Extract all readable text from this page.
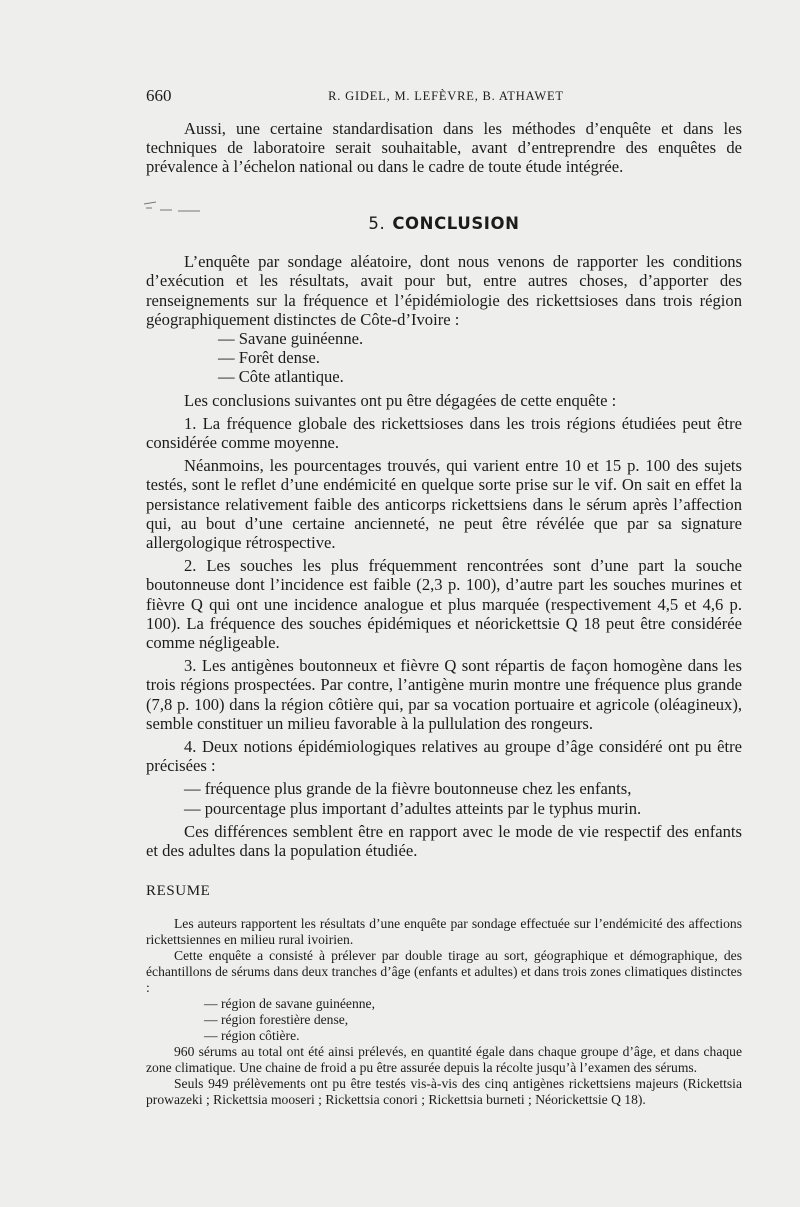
660	R. GIDEL, M. LEFÈVRE, B. ATHAWET

Aussi, une certaine standardisation dans les méthodes d’enquête et dans les techniques de laboratoire serait souhaitable, avant d’entreprendre des enquêtes de prévalence à l’échelon national ou dans le cadre de toute étude intégrée.

5. CONCLUSION

L’enquête par sondage aléatoire, dont nous venons de rapporter les conditions d’exécution et les résultats, avait pour but, entre autres choses, d’apporter des renseignements sur la fréquence et l’épidémiologie des rickettsioses dans trois région géographiquement distinctes de Côte-d’Ivoire :

— Savane guinéenne.
— Forêt dense.
— Côte atlantique.

Les conclusions suivantes ont pu être dégagées de cette enquête :

1. La fréquence globale des rickettsioses dans les trois régions étudiées peut être considérée comme moyenne.

Néanmoins, les pourcentages trouvés, qui varient entre 10 et 15 p. 100 des sujets testés, sont le reflet d’une endémicité en quelque sorte prise sur le vif. On sait en effet la persistance relativement faible des anticorps rickettsiens dans le sérum après l’affection qui, au bout d’une certaine ancienneté, ne peut être révélée que par sa signature allergologique rétrospective.

2. Les souches les plus fréquemment rencontrées sont d’une part la souche boutonneuse dont l’incidence est faible (2,3 p. 100), d’autre part les souches murines et fièvre Q qui ont une incidence analogue et plus marquée (respectivement 4,5 et 4,6 p. 100). La fréquence des souches épidémiques et néorickettsie Q 18 peut être considérée comme négligeable.

3. Les antigènes boutonneux et fièvre Q sont répartis de façon homogène dans les trois régions prospectées. Par contre, l’antigène murin montre une fréquence plus grande (7,8 p. 100) dans la région côtière qui, par sa vocation portuaire et agricole (oléagineux), semble constituer un milieu favorable à la pullulation des rongeurs.

4. Deux notions épidémiologiques relatives au groupe d’âge considéré ont pu être précisées :

— fréquence plus grande de la fièvre boutonneuse chez les enfants,
— pourcentage plus important d’adultes atteints par le typhus murin.

Ces différences semblent être en rapport avec le mode de vie respectif des enfants et des adultes dans la population étudiée.

RESUME

Les auteurs rapportent les résultats d’une enquête par sondage effectuée sur l’endémicité des affections rickettsiennes en milieu rural ivoirien.

Cette enquête a consisté à prélever par double tirage au sort, géographique et démographique, des échantillons de sérums dans deux tranches d’âge (enfants et adultes) et dans trois zones climatiques distinctes :

— région de savane guinéenne,
— région forestière dense,
— région côtière.

960 sérums au total ont été ainsi prélevés, en quantité égale dans chaque groupe d’âge, et dans chaque zone climatique. Une chaine de froid a pu être assurée depuis la récolte jusqu’à l’examen des sérums.

Seuls 949 prélèvements ont pu être testés vis-à-vis des cinq antigènes rickettsiens majeurs (Rickettsia prowazeki ; Rickettsia mooseri ; Rickettsia conori ; Rickettsia burneti ; Néorickettsie Q 18).
